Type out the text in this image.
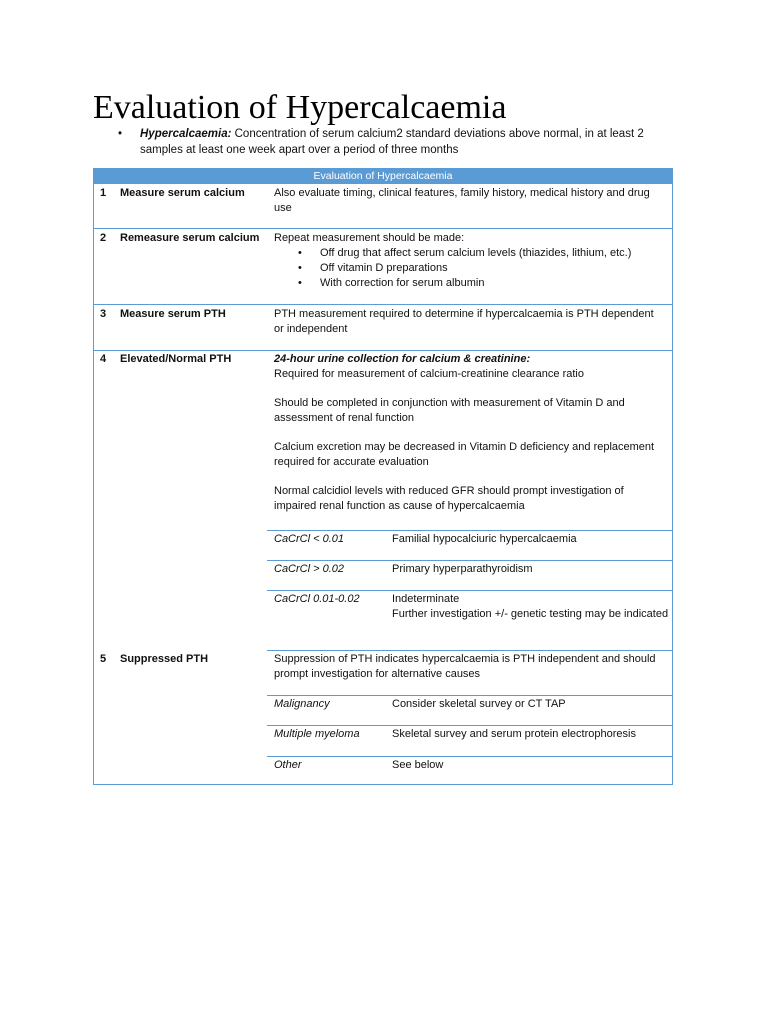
Evaluation of Hypercalcaemia
• Hypercalcaemia: Concentration of serum calcium2 standard deviations above normal, in at least 2 samples at least one week apart over a period of three months
Evaluation of Hypercalcaemia
1 Measure serum calcium	Also evaluate timing, clinical features, family history, medical history and drug use
2 Remeasure serum calcium	Repeat measurement should be made:
• Off drug that affect serum calcium levels (thiazides, lithium, etc.)
• Off vitamin D preparations
• With correction for serum albumin
3 Measure serum PTH	PTH measurement required to determine if hypercalcaemia is PTH dependent or independent
4 Elevated/Normal PTH	24-hour urine collection for calcium & creatinine:

Required for measurement of calcium-creatinine clearance ratio

Should be completed in conjunction with measurement of Vitamin D and assessment of renal function

Calcium excretion may be decreased in Vitamin D deficiency and replacement required for accurate evaluation

Normal calcidiol levels with reduced GFR should prompt investigation of impaired renal function as cause of hypercalcaemia

CaCrCl < 0.01	Familial hypocalciuric hypercalcaemia
CaCrCl > 0.02	Primary hyperparathyroidism
CaCrCl 0.01-0.02	Indeterminate
Further investigation +/- genetic testing may be indicated
5 Suppressed PTH	Suppression of PTH indicates hypercalcaemia is PTH independent and should prompt investigation for alternative causes
Malignancy	Consider skeletal survey or CT TAP
Multiple myeloma	Skeletal survey and serum protein electrophoresis
Other	See below
